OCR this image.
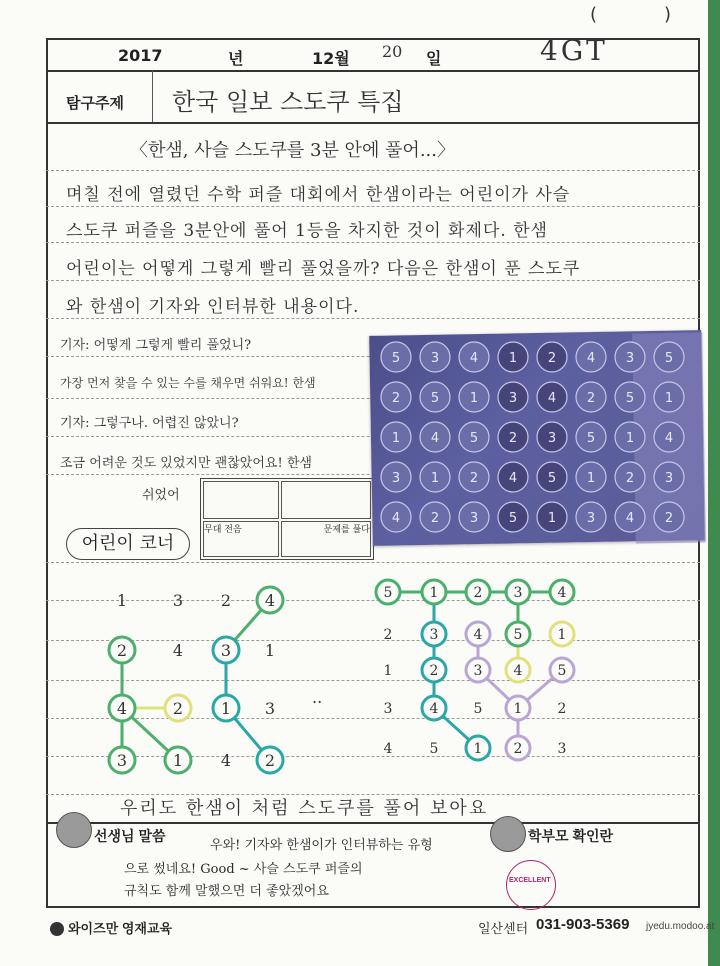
(	)
2017	년	12월 20 일	4GT
탐구주제 한국 일보 스도쿠 특집
〈한샘, 사슬 스도쿠를 3분 안에 풀어...〉
며칠 전에 열렸던 수학 퍼즐 대회에서 한샘이라는 어린이가 사슬
스도쿠 퍼즐을 3분안에 풀어 1등을 차지한 것이 화제다. 한샘
어린이는 어떻게 그렇게 빨리 풀었을까? 다음은 한샘이 푼 스도쿠
와 한샘이 기자와 인터뷰한 내용이다.
기자: 어떻게 그렇게 빨리 풀었니?
가장 먼저 찾을 수 있는 수를 채우면 쉬워요! 한샘
기자: 그렇구나. 어렵진 않았니?
조금 어려운 것도 있었지만 괜찮았어요! 한샘
쉬었어
무대 전음	문제를 풀다
어린이 코너
..
우리도 한샘이 처럼 스도쿠를 풀어 보아요
선생님 말씀	학부모 확인란
우와! 기자와 한샘이가 인터뷰하는 유형
으로 썼네요! Good ~ 사슬 스도쿠 퍼즐의
규칙도 함께 말했으면 더 좋았겠어요
EXCELLENT
와이즈만 영재교육	일산센터 031-903-5369 jyedu.modoo.at
5 3 4 1 2 4 3 5
2 5 1 3 4 2 5 1
1 4 5 2 3 5 1 4
3 1 2 4 5 1 2 3
4 2 3 5 1 3 4 2
1	3 2 4
2	4 3 1
4	2 1 3
3	1 4 2
5	1	2 3	4
2	3	4 5	1
1	2	3 4	5
3	4	5 1	2
4	5	1 2	3
